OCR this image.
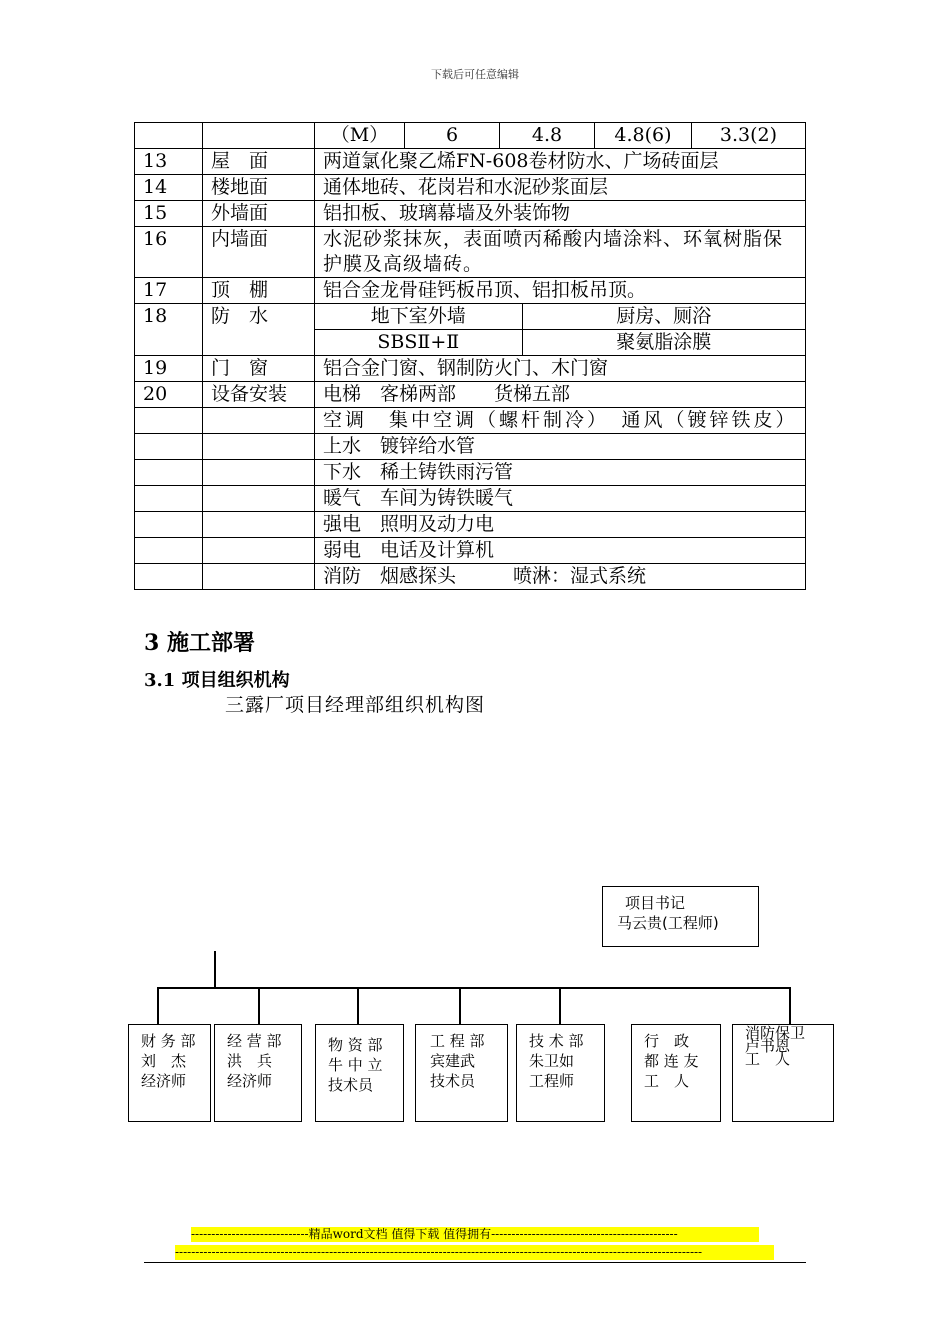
下载后可任意编辑

		（M） 6 4.8 4.8(6) 3.3(2)

13	屋　面	两道氯化聚乙烯FN-608卷材防水、广场砖面层
14	楼地面	通体地砖、花岗岩和水泥砂浆面层
15	外墙面	铝扣板、玻璃幕墙及外装饰物
16	内墙面	水泥砂浆抹灰，表面喷丙稀酸内墙涂料、环氧树脂保护膜及高级墙砖。
17	顶　棚	铝合金龙骨硅钙板吊顶、铝扣板吊顶。
18	防　水	地下室外墙 厨房、厕浴
SBSⅡ+Ⅱ 聚氨脂涂膜

19	门　窗	铝合金门窗、钢制防火门、木门窗
20	设备安装	电梯　客梯两部　　货梯五部
		空调　集中空调（螺杆制冷）　通风（镀锌铁皮）
		上水　镀锌给水管
		下水　稀土铸铁雨污管
		暖气　车间为铸铁暖气
		强电　照明及动力电
		弱电　电话及计算机
		消防　烟感探头　　　喷淋：湿式系统
3 施工部署
3.1 项目组织机构
三露厂项目经理部组织机构图
项目书记
马云贵(工程师)
财 务 部
刘　杰
经济师
经 营 部
洪　兵
经济师
物 资 部
牛 中 立
技术员
工 程 部
宾建武
技术员
技 术 部
朱卫如
工程师
行　政
都 连 友
工　人
消防保卫
卢书恩
工　人
-----------------------------精品word文档 值得下载 值得拥有----------------------------------------------
----------------------------------------------------------------------------------------------------------------------------------
